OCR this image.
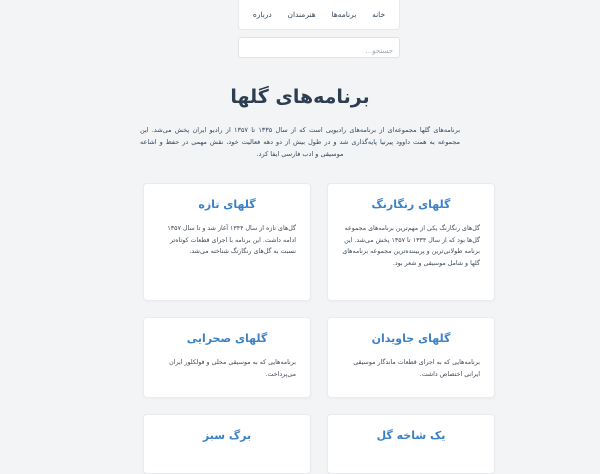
خانه
برنامه‌ها
هنرمندان
درباره
جستجو...
برنامه‌های گلها

برنامه‌های گلها مجموعه‌ای از برنامه‌های رادیویی است که از سال ۱۳۳۵ تا ۱۳۵۷ از رادیو ایران پخش می‌شد. این مجموعه به همت داوود پیرنیا پایه‌گذاری شد و در طول بیش از دو دهه فعالیت خود، نقش مهمی در حفظ و اشاعه موسیقی و ادب فارسی ایفا کرد.

گلهای رنگارنگ

گل‌های رنگارنگ یکی از مهم‌ترین برنامه‌های مجموعه گل‌ها بود که از سال ۱۳۳۴ تا ۱۳۵۷ پخش می‌شد. این برنامه طولانی‌ترین و پربیننده‌ترین مجموعه برنامه‌های گلها و شامل موسیقی و شعر بود.

گلهای تازه

گل‌های تازه از سال ۱۳۴۴ آغاز شد و تا سال ۱۳۵۷ ادامه داشت. این برنامه با اجرای قطعات کوتاه‌تر نسبت به گل‌های رنگارنگ شناخته می‌شد.

گلهای جاویدان

برنامه‌هایی که به اجرای قطعات ماندگار موسیقی ایرانی اختصاص داشت.

گلهای صحرایی

برنامه‌هایی که به موسیقی محلی و فولکلور ایران می‌پرداخت.

یک شاخه گل
برگ سبز
